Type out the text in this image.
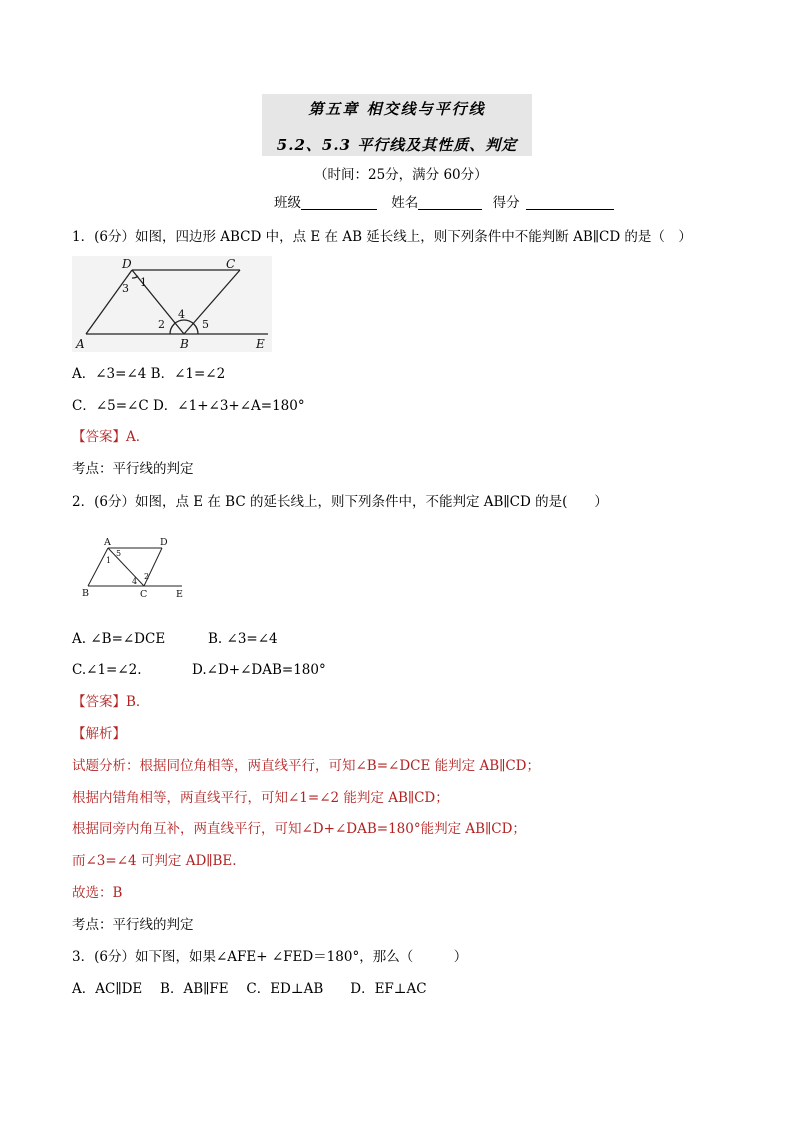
第五章 相交线与平行线
5.2、5.3 平行线及其性质、判定
（时间：25分，满分 60分）
班级	姓名	得分
1．(6分）如图，四边形 ABCD 中，点 E 在 AB 延长线上，则下列条件中不能判断 AB∥CD 的是（　）
D	C
A	B	E
1
2
3
4
5
A．∠3=∠4 B．∠1=∠2
C．∠5=∠C D．∠1+∠3+∠A=180°
【答案】A．
考点：平行线的判定
2．(6分）如图，点 E 在 BC 的延长线上，则下列条件中，不能判定 AB∥CD 的是(　　）
A	D
B	C	E
1
5
4
2
A. ∠B=∠DCE	B. ∠3=∠4
C.∠1=∠2.	D.∠D+∠DAB=180°
【答案】B．
【解析】
试题分析：根据同位角相等，两直线平行，可知∠B=∠DCE 能判定 AB∥CD；
根据内错角相等，两直线平行，可知∠1=∠2 能判定 AB∥CD；
根据同旁内角互补，两直线平行，可知∠D+∠DAB=180°能判定 AB∥CD；
而∠3=∠4 可判定 AD∥BE.
故选：B
考点：平行线的判定
3．(6分）如下图，如果∠AFE+ ∠FED＝180°，那么（　　　）
A．AC∥DE　 B．AB∥FE　 C．ED⊥AB　　D．EF⊥AC
